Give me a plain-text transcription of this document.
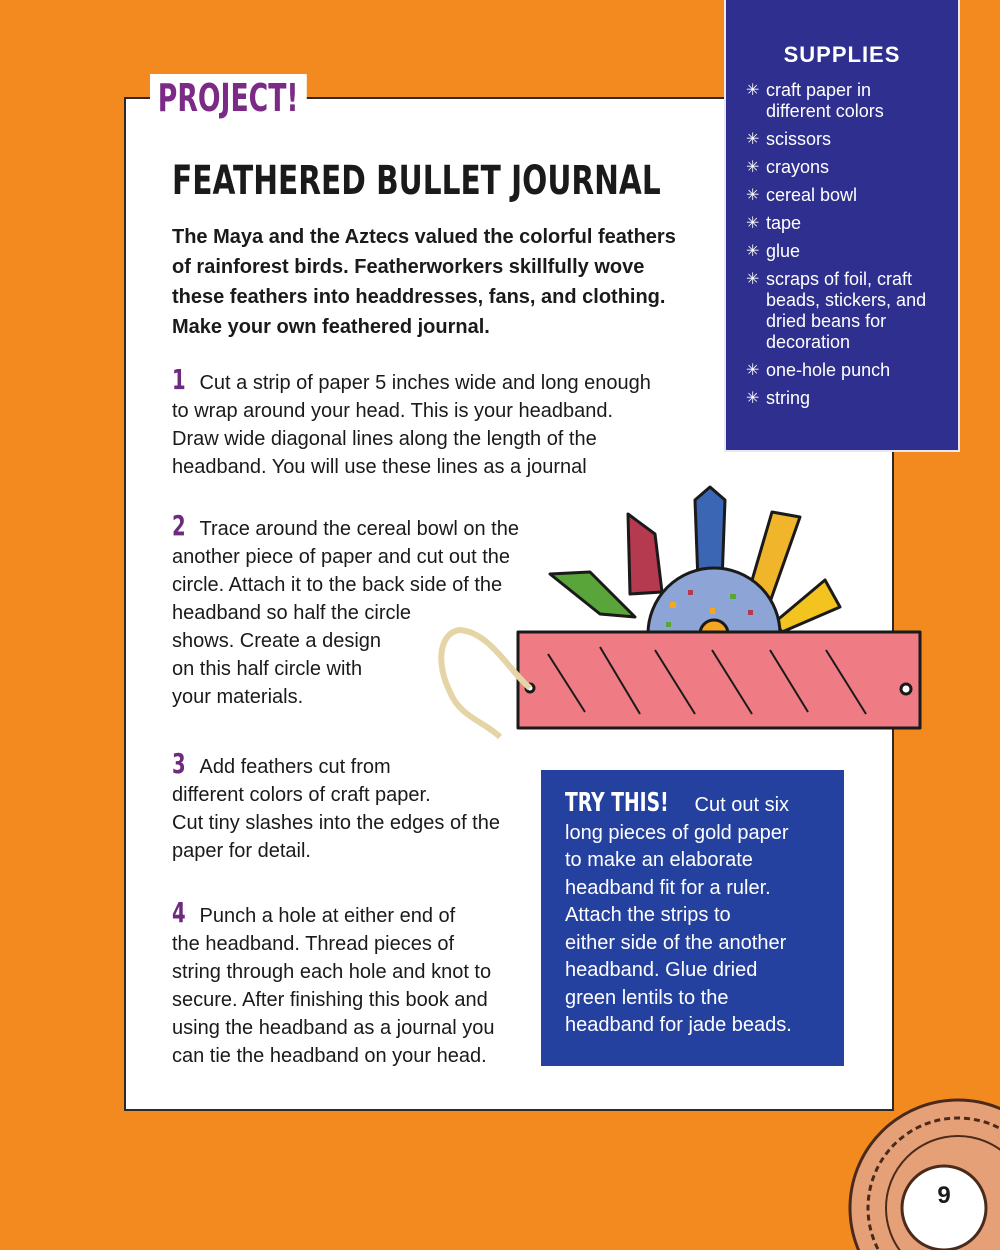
PROJECT!
FEATHERED BULLET JOURNAL

The Maya and the Aztecs valued the colorful feathers of rainforest birds. Featherworkers skillfully wove these feathers into headdresses, fans, and clothing. Make your own feathered journal.

1 Cut a strip of paper 5 inches wide and long enough
to wrap around your head. This is your headband.
Draw wide diagonal lines along the length of the
headband. You will use these lines as a journal

2 Trace around the cereal bowl on the
another piece of paper and cut out the
circle. Attach it to the back side of the
headband so half the circle
shows. Create a design
on this half circle with
your materials.

3 Add feathers cut from
different colors of craft paper.
Cut tiny slashes into the edges of the
paper for detail.

4 Punch a hole at either end of
the headband. Thread pieces of
string through each hole and knot to
secure. After finishing this book and
using the headband as a journal you
can tie the headband on your head.

SUPPLIES
✳ craft paper in
different colors
✳ scissors
✳ crayons
✳ cereal bowl
✳ tape
✳ glue
✳ scraps of foil, craft
beads, stickers, and
dried beans for
decoration
✳ one-hole punch
✳ string

TRY THIS! Cut out six
long pieces of gold paper
to make an elaborate
headband fit for a ruler.
Attach the strips to
either side of the another
headband. Glue dried
green lentils to the
headband for jade beads.

9
